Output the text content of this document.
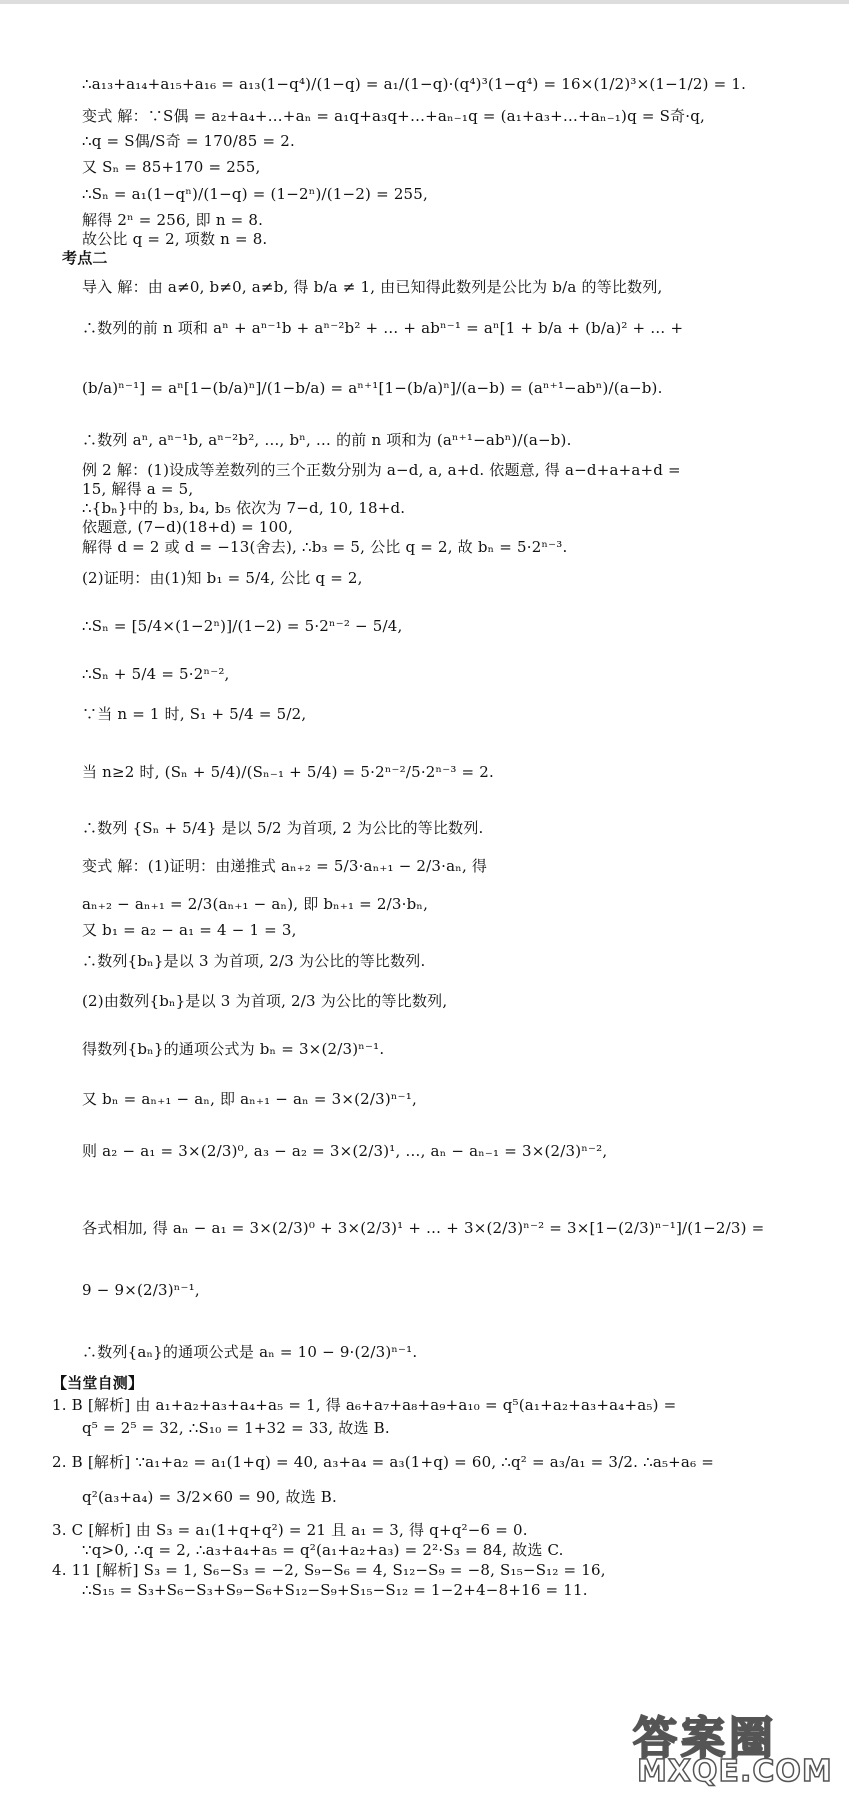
∴a₁₃+a₁₄+a₁₅+a₁₆ = a₁₃(1−q⁴)/(1−q) = a₁/(1−q)·(q⁴)³(1−q⁴) = 16×(1/2)³×(1−1/2) = 1.
变式 解：∵S偶 = a₂+a₄+…+aₙ = a₁q+a₃q+…+aₙ₋₁q = (a₁+a₃+…+aₙ₋₁)q = S奇·q,
∴q = S偶/S奇 = 170/85 = 2.
又 Sₙ = 85+170 = 255,
∴Sₙ = a₁(1−qⁿ)/(1−q) = (1−2ⁿ)/(1−2) = 255,
解得 2ⁿ = 256, 即 n = 8.
故公比 q = 2, 项数 n = 8.
考点二
导入 解：由 a≠0, b≠0, a≠b, 得 b/a ≠ 1, 由已知得此数列是公比为 b/a 的等比数列,
∴数列的前 n 项和 aⁿ + aⁿ⁻¹b + aⁿ⁻²b² + … + abⁿ⁻¹ = aⁿ[1 + b/a + (b/a)² + … +
(b/a)ⁿ⁻¹] = aⁿ[1−(b/a)ⁿ]/(1−b/a) = aⁿ⁺¹[1−(b/a)ⁿ]/(a−b) = (aⁿ⁺¹−abⁿ)/(a−b).
∴数列 aⁿ, aⁿ⁻¹b, aⁿ⁻²b², …, bⁿ, … 的前 n 项和为 (aⁿ⁺¹−abⁿ)/(a−b).
例 2 解：(1)设成等差数列的三个正数分别为 a−d, a, a+d. 依题意, 得 a−d+a+a+d =
15, 解得 a = 5,
∴{bₙ}中的 b₃, b₄, b₅ 依次为 7−d, 10, 18+d.
依题意, (7−d)(18+d) = 100,
解得 d = 2 或 d = −13(舍去), ∴b₃ = 5, 公比 q = 2, 故 bₙ = 5·2ⁿ⁻³.
(2)证明：由(1)知 b₁ = 5/4, 公比 q = 2,
∴Sₙ = [5/4×(1−2ⁿ)]/(1−2) = 5·2ⁿ⁻² − 5/4,
∴Sₙ + 5/4 = 5·2ⁿ⁻²,
∵当 n = 1 时, S₁ + 5/4 = 5/2,
当 n≥2 时, (Sₙ + 5/4)/(Sₙ₋₁ + 5/4) = 5·2ⁿ⁻²/5·2ⁿ⁻³ = 2.
∴数列 {Sₙ + 5/4} 是以 5/2 为首项, 2 为公比的等比数列.
变式 解：(1)证明：由递推式 aₙ₊₂ = 5/3·aₙ₊₁ − 2/3·aₙ, 得
aₙ₊₂ − aₙ₊₁ = 2/3(aₙ₊₁ − aₙ), 即 bₙ₊₁ = 2/3·bₙ,
又 b₁ = a₂ − a₁ = 4 − 1 = 3,
∴数列{bₙ}是以 3 为首项, 2/3 为公比的等比数列.
(2)由数列{bₙ}是以 3 为首项, 2/3 为公比的等比数列,
得数列{bₙ}的通项公式为 bₙ = 3×(2/3)ⁿ⁻¹.
又 bₙ = aₙ₊₁ − aₙ, 即 aₙ₊₁ − aₙ = 3×(2/3)ⁿ⁻¹,
则 a₂ − a₁ = 3×(2/3)⁰, a₃ − a₂ = 3×(2/3)¹, …, aₙ − aₙ₋₁ = 3×(2/3)ⁿ⁻²,
各式相加, 得 aₙ − a₁ = 3×(2/3)⁰ + 3×(2/3)¹ + … + 3×(2/3)ⁿ⁻² = 3×[1−(2/3)ⁿ⁻¹]/(1−2/3) =
9 − 9×(2/3)ⁿ⁻¹,
∴数列{aₙ}的通项公式是 aₙ = 10 − 9·(2/3)ⁿ⁻¹.
【当堂自测】
1. B [解析] 由 a₁+a₂+a₃+a₄+a₅ = 1, 得 a₆+a₇+a₈+a₉+a₁₀ = q⁵(a₁+a₂+a₃+a₄+a₅) =
q⁵ = 2⁵ = 32, ∴S₁₀ = 1+32 = 33, 故选 B.
2. B [解析] ∵a₁+a₂ = a₁(1+q) = 40, a₃+a₄ = a₃(1+q) = 60, ∴q² = a₃/a₁ = 3/2. ∴a₅+a₆ =
q²(a₃+a₄) = 3/2×60 = 90, 故选 B.
3. C [解析] 由 S₃ = a₁(1+q+q²) = 21 且 a₁ = 3, 得 q+q²−6 = 0.
∵q>0, ∴q = 2, ∴a₃+a₄+a₅ = q²(a₁+a₂+a₃) = 2²·S₃ = 84, 故选 C.
4. 11 [解析] S₃ = 1, S₆−S₃ = −2, S₉−S₆ = 4, S₁₂−S₉ = −8, S₁₅−S₁₂ = 16,
∴S₁₅ = S₃+S₆−S₃+S₉−S₆+S₁₂−S₉+S₁₅−S₁₂ = 1−2+4−8+16 = 11.
答案圈
MXQE.COM
